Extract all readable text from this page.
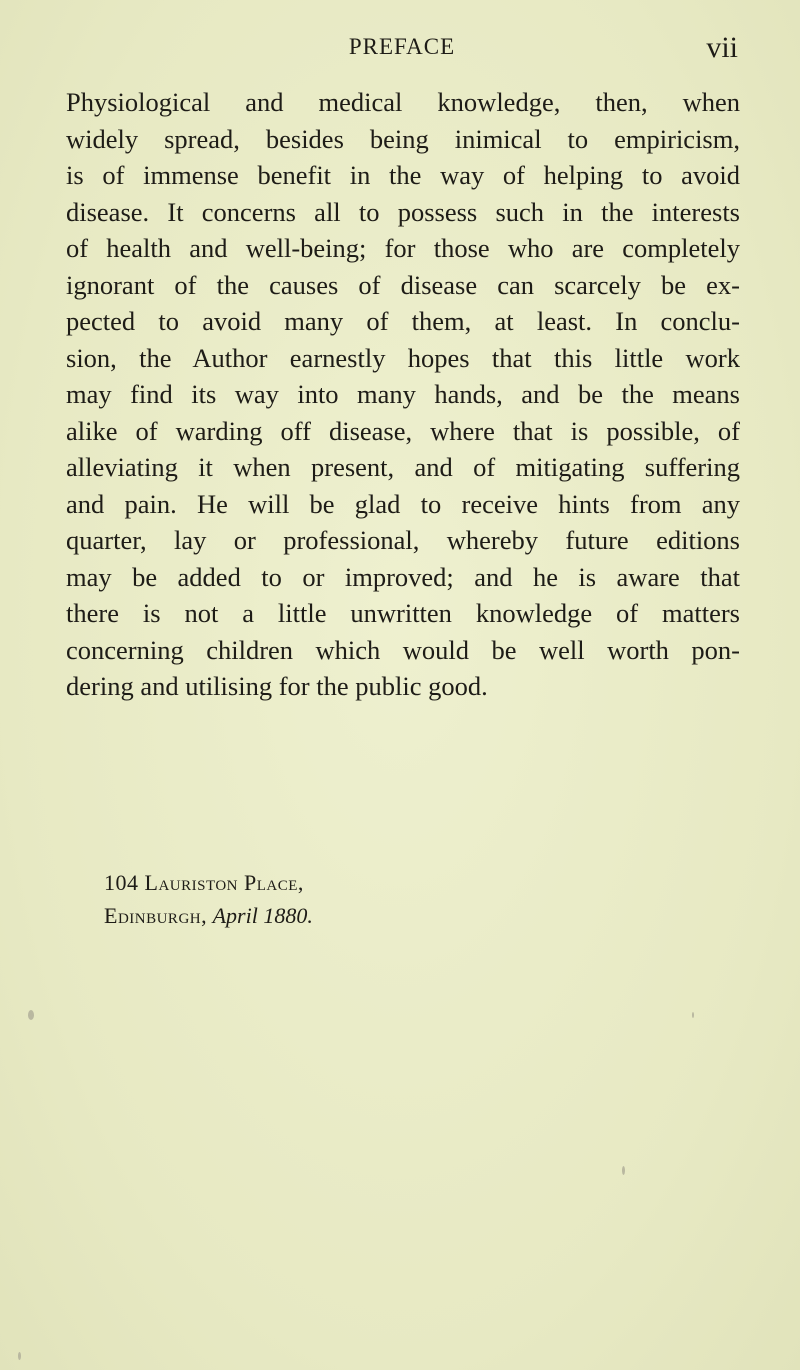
PREFACE	vii
Physiological and medical knowledge, then, when
widely spread, besides being inimical to empiricism,
is of immense benefit in the way of helping to avoid
disease. It concerns all to possess such in the interests
of health and well-being; for those who are completely
ignorant of the causes of disease can scarcely be ex-
pected to avoid many of them, at least. In conclu-
sion, the Author earnestly hopes that this little work
may find its way into many hands, and be the means
alike of warding off disease, where that is possible, of
alleviating it when present, and of mitigating suffering
and pain. He will be glad to receive hints from any
quarter, lay or professional, whereby future editions
may be added to or improved; and he is aware that
there is not a little unwritten knowledge of matters
concerning children which would be well worth pon-
dering and utilising for the public good.
104 Lauriston Place,
Edinburgh, April 1880.
